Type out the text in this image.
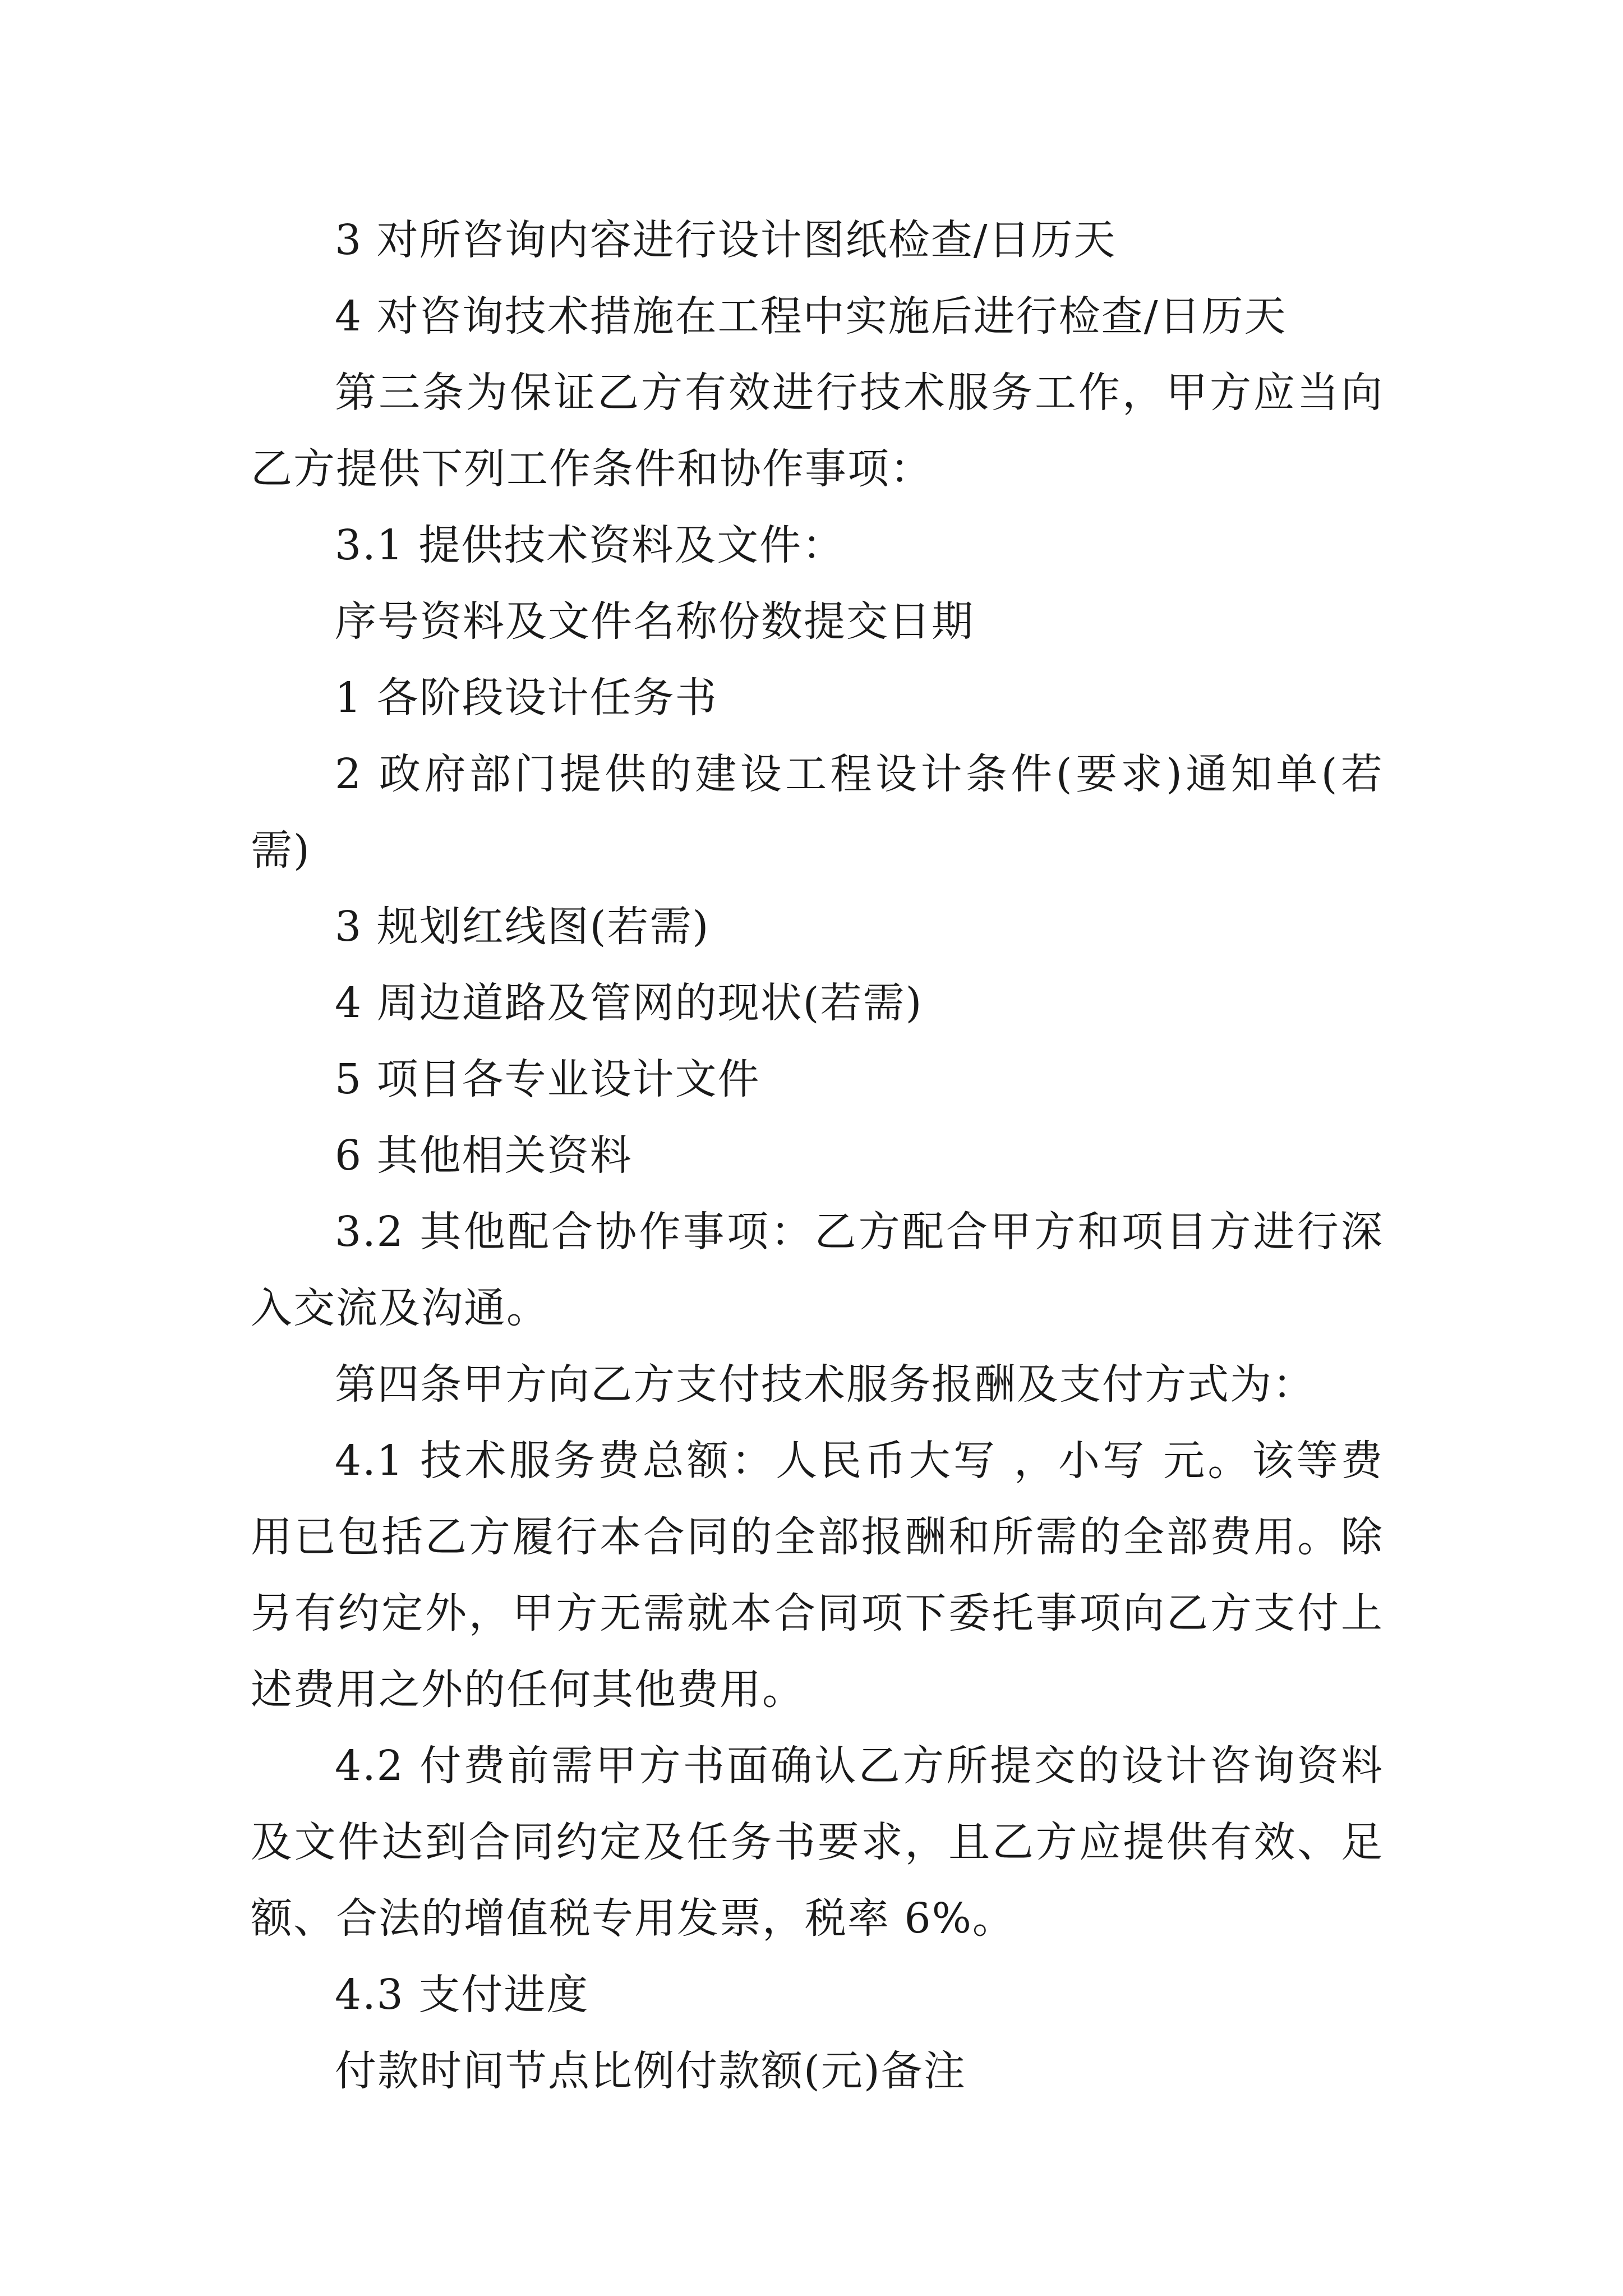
3 对所咨询内容进行设计图纸检查/日历天

4 对咨询技术措施在工程中实施后进行检查/日历天

第三条为保证乙方有效进行技术服务工作，甲方应当向乙方提供下列工作条件和协作事项：

3.1 提供技术资料及文件：

序号资料及文件名称份数提交日期

1 各阶段设计任务书

2 政府部门提供的建设工程设计条件(要求)通知单(若需)

3 规划红线图(若需)

4 周边道路及管网的现状(若需)

5 项目各专业设计文件

6 其他相关资料

3.2 其他配合协作事项：乙方配合甲方和项目方进行深入交流及沟通。

第四条甲方向乙方支付技术服务报酬及支付方式为：

4.1 技术服务费总额：人民币大写 ，小写 元。该等费用已包括乙方履行本合同的全部报酬和所需的全部费用。除另有约定外，甲方无需就本合同项下委托事项向乙方支付上述费用之外的任何其他费用。

4.2 付费前需甲方书面确认乙方所提交的设计咨询资料及文件达到合同约定及任务书要求，且乙方应提供有效、足额、合法的增值税专用发票，税率 6%。

4.3 支付进度

付款时间节点比例付款额(元)备注
